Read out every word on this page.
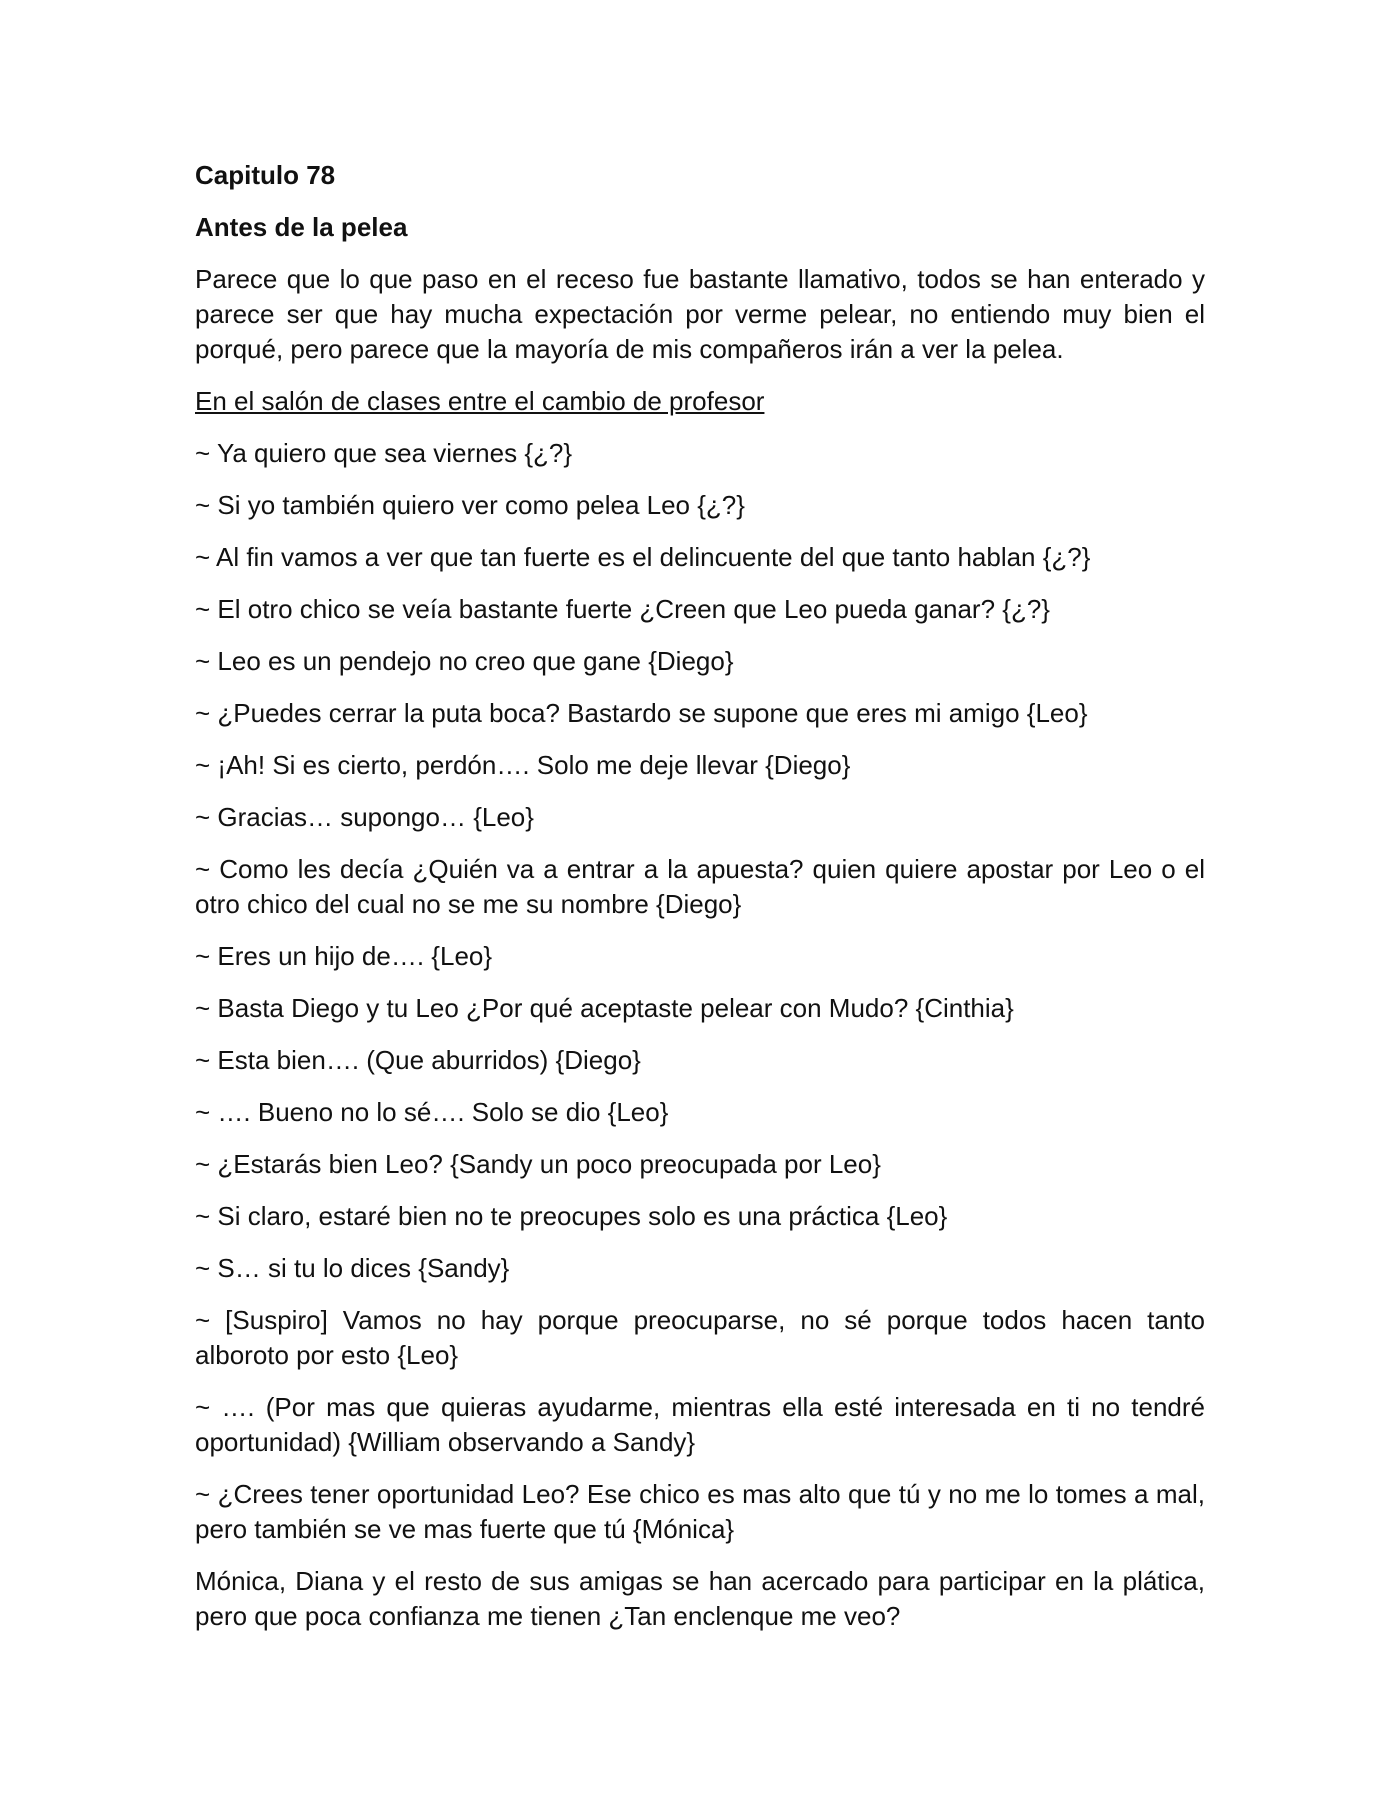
Capitulo 78
Antes de la pelea
Parece que lo que paso en el receso fue bastante llamativo, todos se han enterado y parece ser que hay mucha expectación por verme pelear, no entiendo muy bien el porqué, pero parece que la mayoría de mis compañeros irán a ver la pelea.
En el salón de clases entre el cambio de profesor
~ Ya quiero que sea viernes {¿?}
~ Si yo también quiero ver como pelea Leo {¿?}
~ Al fin vamos a ver que tan fuerte es el delincuente del que tanto hablan {¿?}
~ El otro chico se veía bastante fuerte ¿Creen que Leo pueda ganar? {¿?}
~ Leo es un pendejo no creo que gane {Diego}
~ ¿Puedes cerrar la puta boca? Bastardo se supone que eres mi amigo {Leo}
~ ¡Ah! Si es cierto, perdón…. Solo me deje llevar {Diego}
~ Gracias… supongo… {Leo}
~ Como les decía ¿Quién va a entrar a la apuesta? quien quiere apostar por Leo o el otro chico del cual no se me su nombre {Diego}
~ Eres un hijo de…. {Leo}
~ Basta Diego y tu Leo ¿Por qué aceptaste pelear con Mudo? {Cinthia}
~ Esta bien…. (Que aburridos) {Diego}
~ …. Bueno no lo sé…. Solo se dio {Leo}
~ ¿Estarás bien Leo? {Sandy un poco preocupada por Leo}
~ Si claro, estaré bien no te preocupes solo es una práctica {Leo}
~ S… si tu lo dices {Sandy}
~ [Suspiro] Vamos no hay porque preocuparse, no sé porque todos hacen tanto alboroto por esto {Leo}
~ …. (Por mas que quieras ayudarme, mientras ella esté interesada en ti no tendré oportunidad) {William observando a Sandy}
~ ¿Crees tener oportunidad Leo? Ese chico es mas alto que tú y no me lo tomes a mal, pero también se ve mas fuerte que tú {Mónica}
Mónica, Diana y el resto de sus amigas se han acercado para participar en la plática, pero que poca confianza me tienen ¿Tan enclenque me veo?
